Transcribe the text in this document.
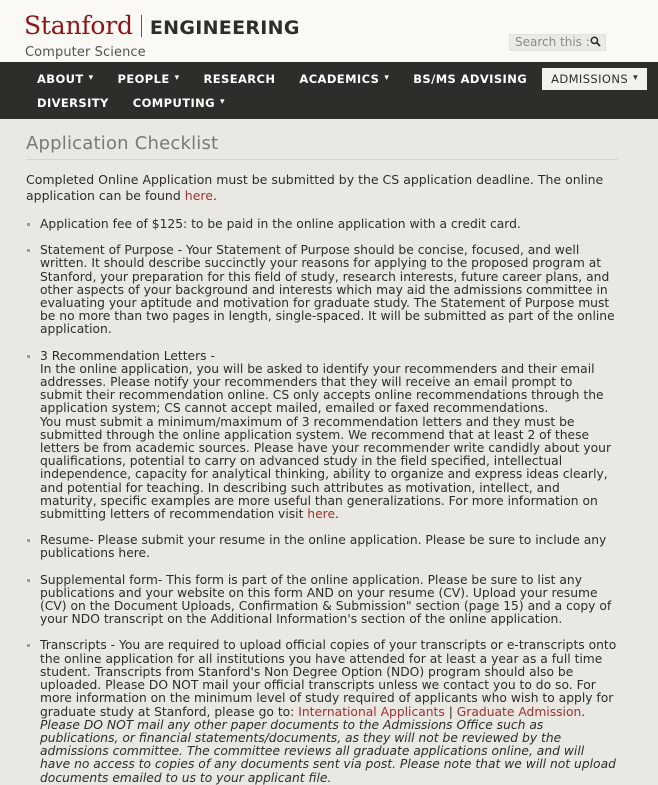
Stanford ENGINEERING
Computer Science
Search this :
ABOUT ▾ PEOPLE ▾ RESEARCH ACADEMICS ▾ BS/MS ADVISING ADMISSIONS ▾
DIVERSITY COMPUTING ▾
Application Checklist

Completed Online Application must be submitted by the CS application deadline. The online application can be found here.

Application fee of $125: to be paid in the online application with a credit card.

Statement of Purpose - Your Statement of Purpose should be concise, focused, and well written. It should describe succinctly your reasons for applying to the proposed program at Stanford, your preparation for this field of study, research interests, future career plans, and other aspects of your background and interests which may aid the admissions committee in evaluating your aptitude and motivation for graduate study. The Statement of Purpose must be no more than two pages in length, single-spaced. It will be submitted as part of the online application.

3 Recommendation Letters -

In the online application, you will be asked to identify your recommenders and their email addresses. Please notify your recommenders that they will receive an email prompt to submit their recommendation online. CS only accepts online recommendations through the application system; CS cannot accept mailed, emailed or faxed recommendations.

You must submit a minimum/maximum of 3 recommendation letters and they must be submitted through the online application system. We recommend that at least 2 of these letters be from academic sources. Please have your recommender write candidly about your qualifications, potential to carry on advanced study in the field specified, intellectual independence, capacity for analytical thinking, ability to organize and express ideas clearly, and potential for teaching. In describing such attributes as motivation, intellect, and maturity, specific examples are more useful than generalizations. For more information on submitting letters of recommendation visit here.

Resume- Please submit your resume in the online application. Please be sure to include any publications here.

Supplemental form- This form is part of the online application. Please be sure to list any publications and your website on this form AND on your resume (CV). Upload your resume (CV) on the Document Uploads, Confirmation & Submission" section (page 15) and a copy of your NDO transcript on the Additional Information's section of the online application.

Transcripts - You are required to upload official copies of your transcripts or e-transcripts onto the online application for all institutions you have attended for at least a year as a full time student. Transcripts from Stanford's Non Degree Option (NDO) program should also be uploaded. Please DO NOT mail your official transcripts unless we contact you to do so. For more information on the minimum level of study required of applicants who wish to apply for graduate study at Stanford, please go to: International Applicants | Graduate Admission.

Please DO NOT mail any other paper documents to the Admissions Office such as publications, or financial statements/documents, as they will not be reviewed by the admissions committee. The committee reviews all graduate applications online, and will have no access to copies of any documents sent via post. Please note that we will not upload documents emailed to us to your applicant file.
